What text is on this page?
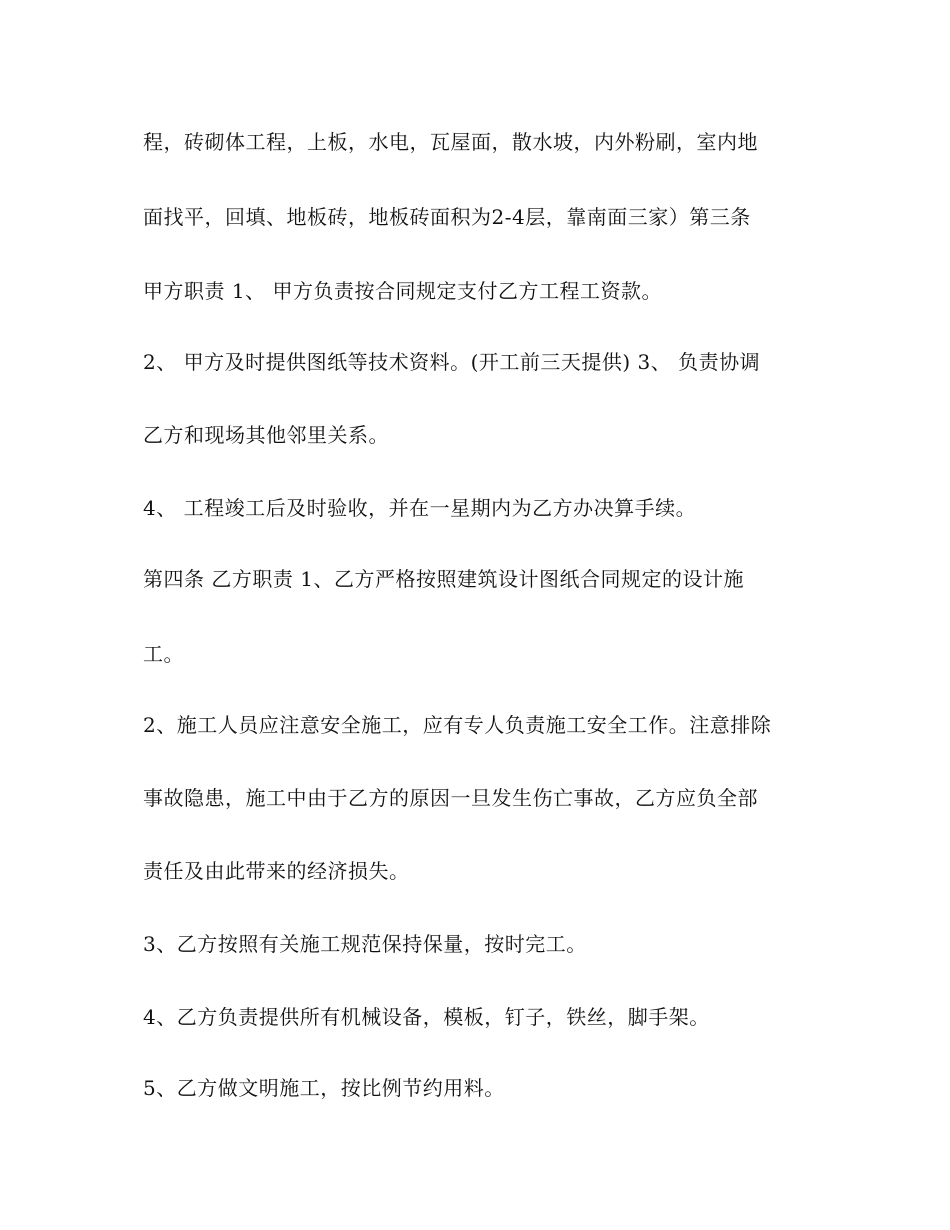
程，砖砌体工程，上板，水电，瓦屋面，散水坡，内外粉刷，室内地
面找平，回填、地板砖，地板砖面积为2-4层，靠南面三家）第三条
甲方职责 1、 甲方负责按合同规定支付乙方工程工资款。
2、 甲方及时提供图纸等技术资料。(开工前三天提供) 3、 负责协调
乙方和现场其他邻里关系。
4、 工程竣工后及时验收，并在一星期内为乙方办决算手续。
第四条 乙方职责 1、乙方严格按照建筑设计图纸合同规定的设计施
工。
2、施工人员应注意安全施工，应有专人负责施工安全工作。注意排除
事故隐患，施工中由于乙方的原因一旦发生伤亡事故，乙方应负全部
责任及由此带来的经济损失。
3、乙方按照有关施工规范保持保量，按时完工。
4、乙方负责提供所有机械设备，模板，钉子，铁丝，脚手架。
5、乙方做文明施工，按比例节约用料。
